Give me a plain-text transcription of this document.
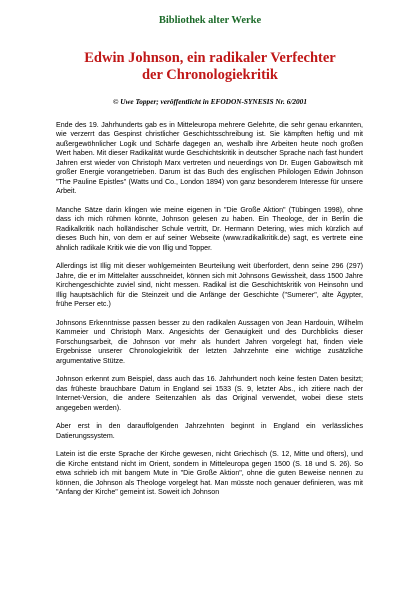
Bibliothek alter Werke
Edwin Johnson, ein radikaler Verfechter
der Chronologiekritik
© Uwe Topper; veröffentlicht in EFODON-SYNESIS Nr. 6/2001

Ende des 19. Jahrhunderts gab es in Mitteleuropa mehrere Gelehrte, die sehr genau erkannten, wie verzerrt das Gespinst christlicher Geschichtsschreibung ist. Sie kämpften heftig und mit außergewöhnlicher Logik und Schärfe dagegen an, weshalb ihre Arbeiten heute noch großen Wert haben. Mit dieser Radikalität wurde Geschichtskritik in deutscher Sprache nach fast hundert Jahren erst wieder von Christoph Marx vertreten und neuerdings von Dr. Eugen Gabowitsch mit großer Energie vorangetrieben. Darum ist das Buch des englischen Philologen Edwin Johnson "The Pauline Epistles" (Watts und Co., London 1894) von ganz besonderem Interesse für unsere Arbeit.

Manche Sätze darin klingen wie meine eigenen in "Die Große Aktion" (Tübingen 1998), ohne dass ich mich rühmen könnte, Johnson gelesen zu haben. Ein Theologe, der in Berlin die Radikalkritik nach holländischer Schule vertritt, Dr. Hermann Detering, wies mich kürzlich auf dieses Buch hin, von dem er auf seiner Webseite (www.radikalkritik.de) sagt, es vertrete eine ähnlich radikale Kritik wie die von Illig und Topper.

Allerdings ist Illig mit dieser wohlgemeinten Beurteilung weit überfordert, denn seine 296 (297) Jahre, die er im Mittelalter ausschneidet, können sich mit Johnsons Gewissheit, dass 1500 Jahre Kirchengeschichte zuviel sind, nicht messen. Radikal ist die Geschichtskritik von Heinsohn und Illig hauptsächlich für die Steinzeit und die Anfänge der Geschichte ("Sumerer", alte Ägypter, frühe Perser etc.)

Johnsons Erkenntnisse passen besser zu den radikalen Aussagen von Jean Hardouin, Wilhelm Kammeier und Christoph Marx. Angesichts der Genauigkeit und des Durchblicks dieser Forschungsarbeit, die Johnson vor mehr als hundert Jahren vorgelegt hat, finden viele Ergebnisse unserer Chronologiekritik der letzten Jahrzehnte eine wichtige zusätzliche argumentative Stütze.

Johnson erkennt zum Beispiel, dass auch das 16. Jahrhundert noch keine festen Daten besitzt; das früheste brauchbare Datum in England sei 1533 (S. 9, letzter Abs., ich zitiere nach der Internet-Version, die andere Seitenzahlen als das Original verwendet, wobei diese stets angegeben werden).

Aber erst in den darauffolgenden Jahrzehnten beginnt in England ein verlässliches Datierungssystem.

Latein ist die erste Sprache der Kirche gewesen, nicht Griechisch (S. 12, Mitte und öfters), und die Kirche entstand nicht im Orient, sondern in Mitteleuropa gegen 1500 (S. 18 und S. 26). So etwa schrieb ich mit bangem Mute in "Die Große Aktion", ohne die guten Beweise nennen zu können, die Johnson als Theologe vorgelegt hat. Man müsste noch genauer definieren, was mit "Anfang der Kirche" gemeint ist. Soweit ich Johnson
